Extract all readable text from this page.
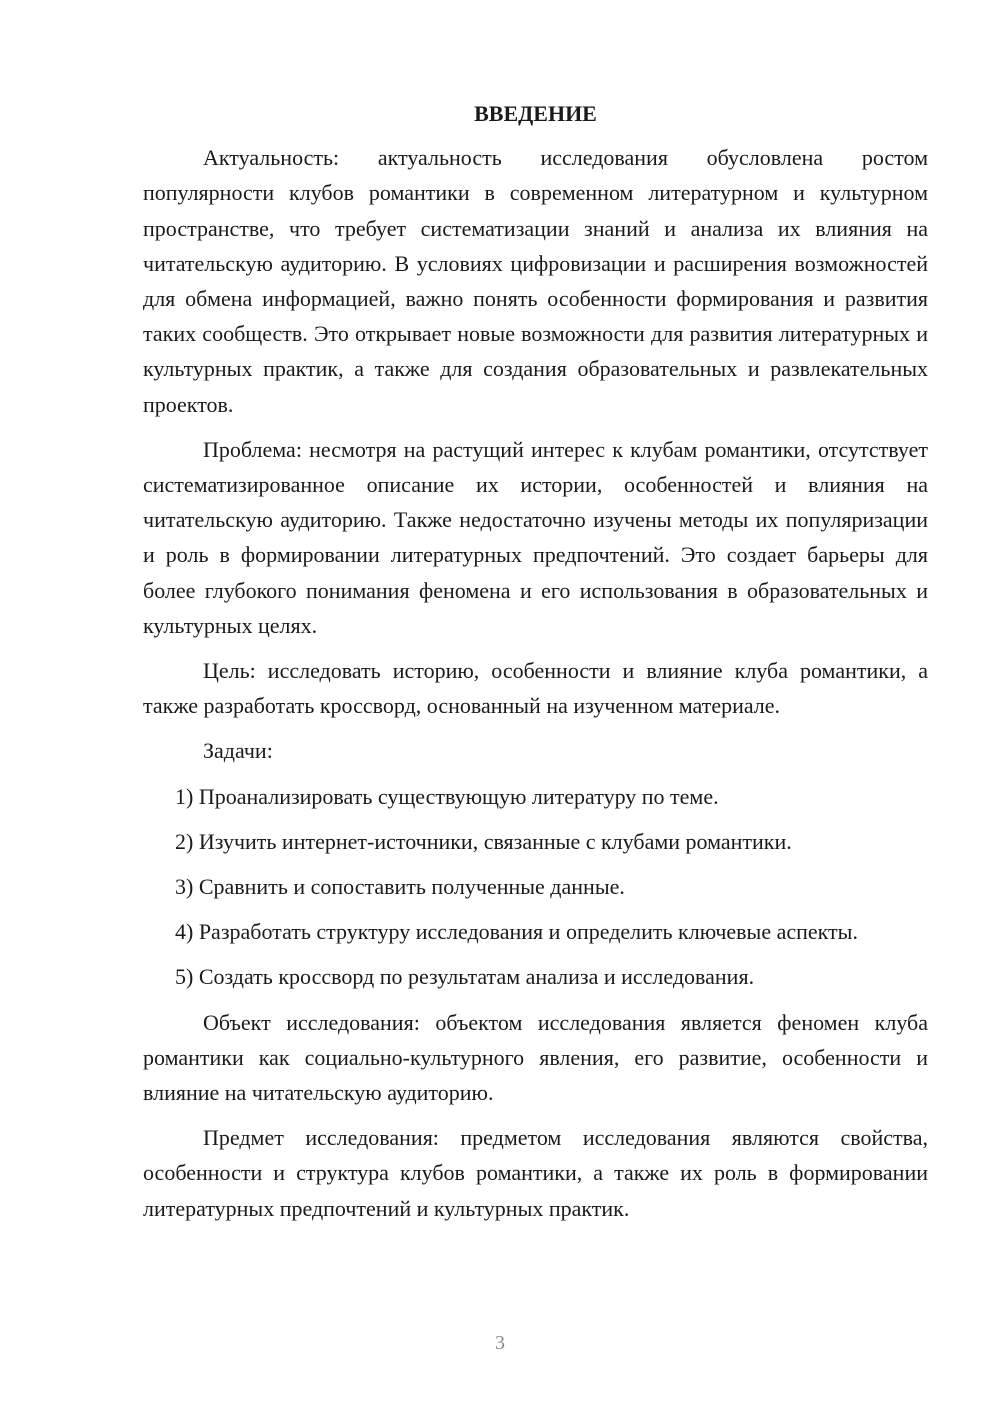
ВВЕДЕНИЕ

Актуальность: актуальность исследования обусловлена ростом популярности клубов романтики в современном литературном и культурном пространстве, что требует систематизации знаний и анализа их влияния на читательскую аудиторию. В условиях цифровизации и расширения возможностей для обмена информацией, важно понять особенности формирования и развития таких сообществ. Это открывает новые возможности для развития литературных и культурных практик, а также для создания образовательных и развлекательных проектов.

Проблема: несмотря на растущий интерес к клубам романтики, отсутствует систематизированное описание их истории, особенностей и влияния на читательскую аудиторию. Также недостаточно изучены методы их популяризации и роль в формировании литературных предпочтений. Это создает барьеры для более глубокого понимания феномена и его использования в образовательных и культурных целях.

Цель: исследовать историю, особенности и влияние клуба романтики, а также разработать кроссворд, основанный на изученном материале.

Задачи:

1) Проанализировать существующую литературу по теме.

2) Изучить интернет-источники, связанные с клубами романтики.

3) Сравнить и сопоставить полученные данные.

4) Разработать структуру исследования и определить ключевые аспекты.

5) Создать кроссворд по результатам анализа и исследования.

Объект исследования: объектом исследования является феномен клуба романтики как социально-культурного явления, его развитие, особенности и влияние на читательскую аудиторию.

Предмет исследования: предметом исследования являются свойства, особенности и структура клубов романтики, а также их роль в формировании литературных предпочтений и культурных практик.

3
